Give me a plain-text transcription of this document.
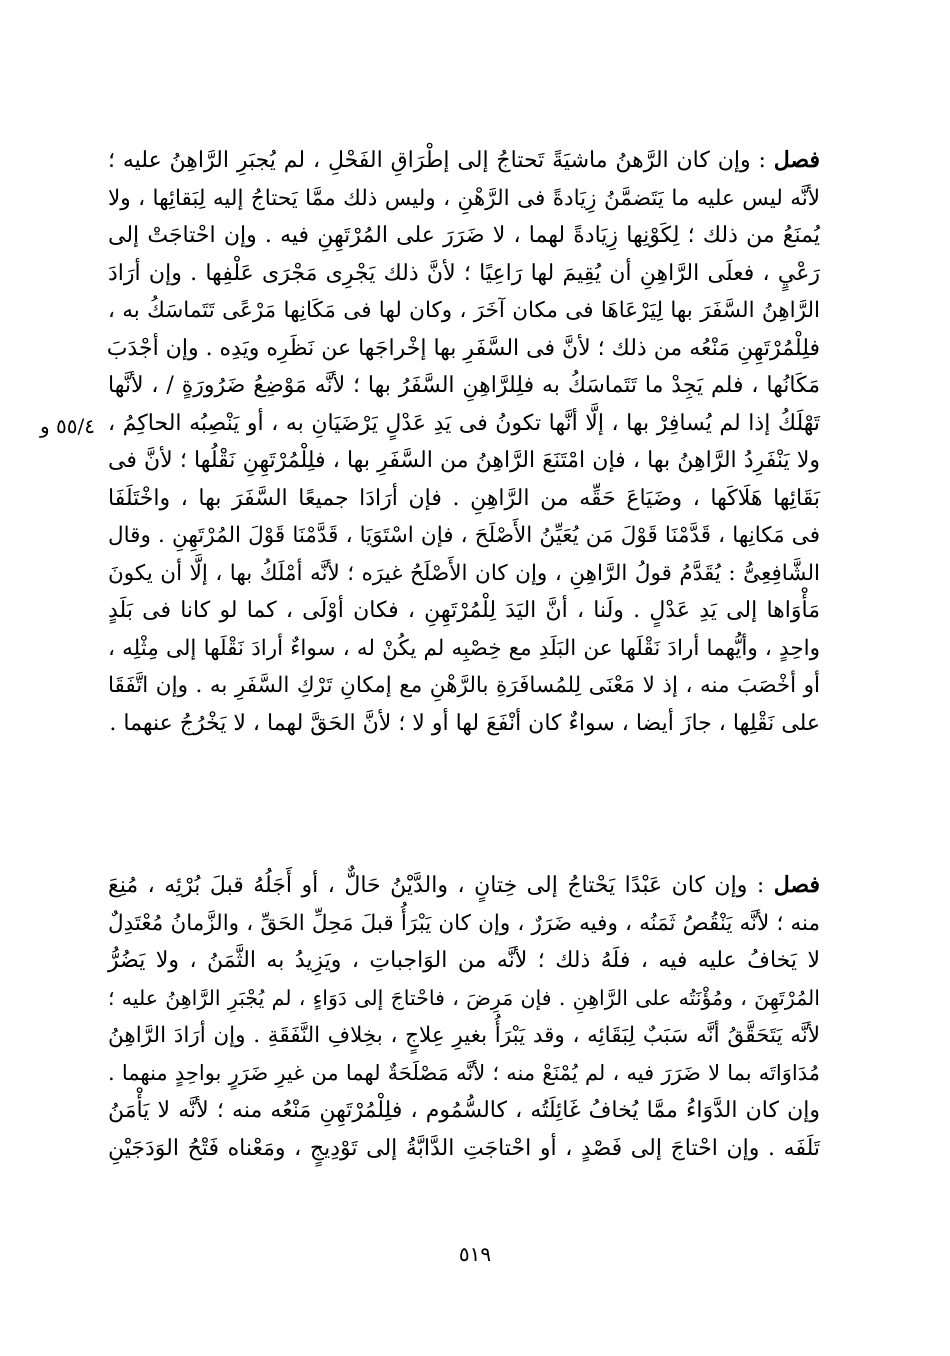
٥٥/٤ و
فصل : وإن كان الرَّهنُ ماشيَةً تَحتاجُ إلى إطْرَاقِ الفَحْلِ ، لم يُجبَرِ الرَّاهِنُ عليه ؛
لأنَّه ليس عليه ما يَتَضمَّنُ زِيَادةً فى الرَّهْنِ ، وليس ذلك ممَّا يَحتاجُ إليه لِبَقائِها ، ولا
يُمنَعُ من ذلك ؛ لِكَوْنِها زِيَادةً لهما ، لا ضَرَرَ على المُرْتَهِنِ فيه . وإن احْتاجَتْ إلى
رَعْيٍ ، فعلَى الرَّاهِنِ أن يُقِيمَ لها رَاعِيًا ؛ لأنَّ ذلك يَجْرِى مَجْرَى عَلْفِها . وإن أرَادَ
الرَّاهِنُ السَّفَرَ بها لِيَرْعَاهَا فى مكان آخَرَ ، وكان لها فى مَكَانِها مَرْعًى تَتَماسَكُ به ،
فلِلْمُرْتَهِنِ مَنْعُه من ذلك ؛ لأنَّ فى السَّفَرِ بها إخْراجَها عن نَظَرِه ويَدِه . وإن أجْدَبَ
مَكَانُها ، فلم يَجِدْ ما تَتَماسَكُ به فلِلرَّاهِنِ السَّفَرُ بها ؛ لأنَّه مَوْضِعُ ضَرُورَةٍ / ، لأنَّها
تَهْلَكُ إذا لم يُسافِرْ بها ، إلَّا أنَّها تكونُ فى يَدِ عَدْلٍ يَرْضَيَانِ به ، أو يَنْصِبُه الحاكِمُ ،
ولا يَنْفَرِدُ الرَّاهِنُ بها ، فإن امْتَنَعَ الرَّاهِنُ من السَّفَرِ بها ، فلِلْمُرْتَهِنِ نَقْلُها ؛ لأنَّ فى
بَقَائِها هَلَاكَها ، وضَيَاعَ حَقِّه من الرَّاهِنِ . فإن أرَادَا جميعًا السَّفَرَ بها ، واخْتَلَفَا
فى مَكانِها ، قَدَّمْنَا قَوْلَ مَن يُعَيِّنُ الأَصْلَحَ ، فإن اسْتَوَيَا ، قَدَّمْنَا قَوْلَ المُرْتَهِنِ . وقال
الشَّافِعِىُّ : يُقَدَّمُ قولُ الرَّاهِنِ ، وإن كان الأَصْلَحُ غيرَه ؛ لأنَّه أمْلَكُ بها ، إلَّا أن يكونَ
مَأْوَاها إلى يَدِ عَدْلٍ . ولَنا ، أنَّ اليَدَ لِلْمُرْتَهِنِ ، فكان أوْلَى ، كما لو كانا فى بَلَدٍ
واحِدٍ ، وأيُّهما أرادَ نَقْلَها عن البَلَدِ مع خِصْبِه لم يكُنْ له ، سواءٌ أرادَ نَقْلَها إلى مِثْلِه ،
أو أخْصَبَ منه ، إذ لا مَعْنَى لِلمُسافَرَةِ بالرَّهْنِ مع إمكانِ تَرْكِ السَّفَرِ به . وإن اتَّفَقَا
على نَقْلِها ، جازَ أيضا ، سواءٌ كان أنْفَعَ لها أو لا ؛ لأنَّ الحَقَّ لهما ، لا يَخْرُجُ عنهما .
فصل : وإن كان عَبْدًا يَحْتاجُ إلى خِتانٍ ، والدَّيْنُ حَالٌّ ، أو أَجَلُهُ قبلَ بُرْئِه ، مُنِعَ
منه ؛ لأنَّه يَنْقُصُ ثَمَنُه ، وفيه ضَرَرٌ ، وإن كان يَبْرَأُ قبلَ مَحِلِّ الحَقِّ ، والزَّمانُ مُعْتَدِلٌ
لا يَخافُ عليه فيه ، فلَهُ ذلك ؛ لأنَّه من الوَاجباتِ ، ويَزِيدُ به الثَّمَنُ ، ولا يَضُرُّ
المُرْتَهِنَ ، ومُؤْنَتُه على الرَّاهِنِ . فإن مَرِضَ ، فاحْتاجَ إلى دَوَاءٍ ، لم يُجْبَرِ الرَّاهِنُ عليه ؛
لأنَّه يَتَحَقَّقُ أنَّه سَبَبٌ لِبَقَائِه ، وقد يَبْرَأُ بغيرِ عِلاجٍ ، بخِلافِ النَّفَقَةِ . وإن أرَادَ الرَّاهِنُ
مُدَاوَاتَه بما لا ضَرَرَ فيه ، لم يُمْنَعْ منه ؛ لأنَّه مَصْلَحَةٌ لهما من غيرِ ضَرَرٍ بواحِدٍ منهما .
وإن كان الدَّوَاءُ ممَّا يُخافُ غَائِلَتُه ، كالسُّمُوم ، فلِلْمُرْتَهِنِ مَنْعُه منه ؛ لأنَّه لا يَأْمَنُ
تَلَفَه . وإن احْتاجَ إلى فَصْدٍ ، أو احْتاجَتِ الدَّابَّةُ إلى تَوْدِيجٍ ، ومَعْناه فَتْحُ الوَدَجَيْنِ
٥١٩
